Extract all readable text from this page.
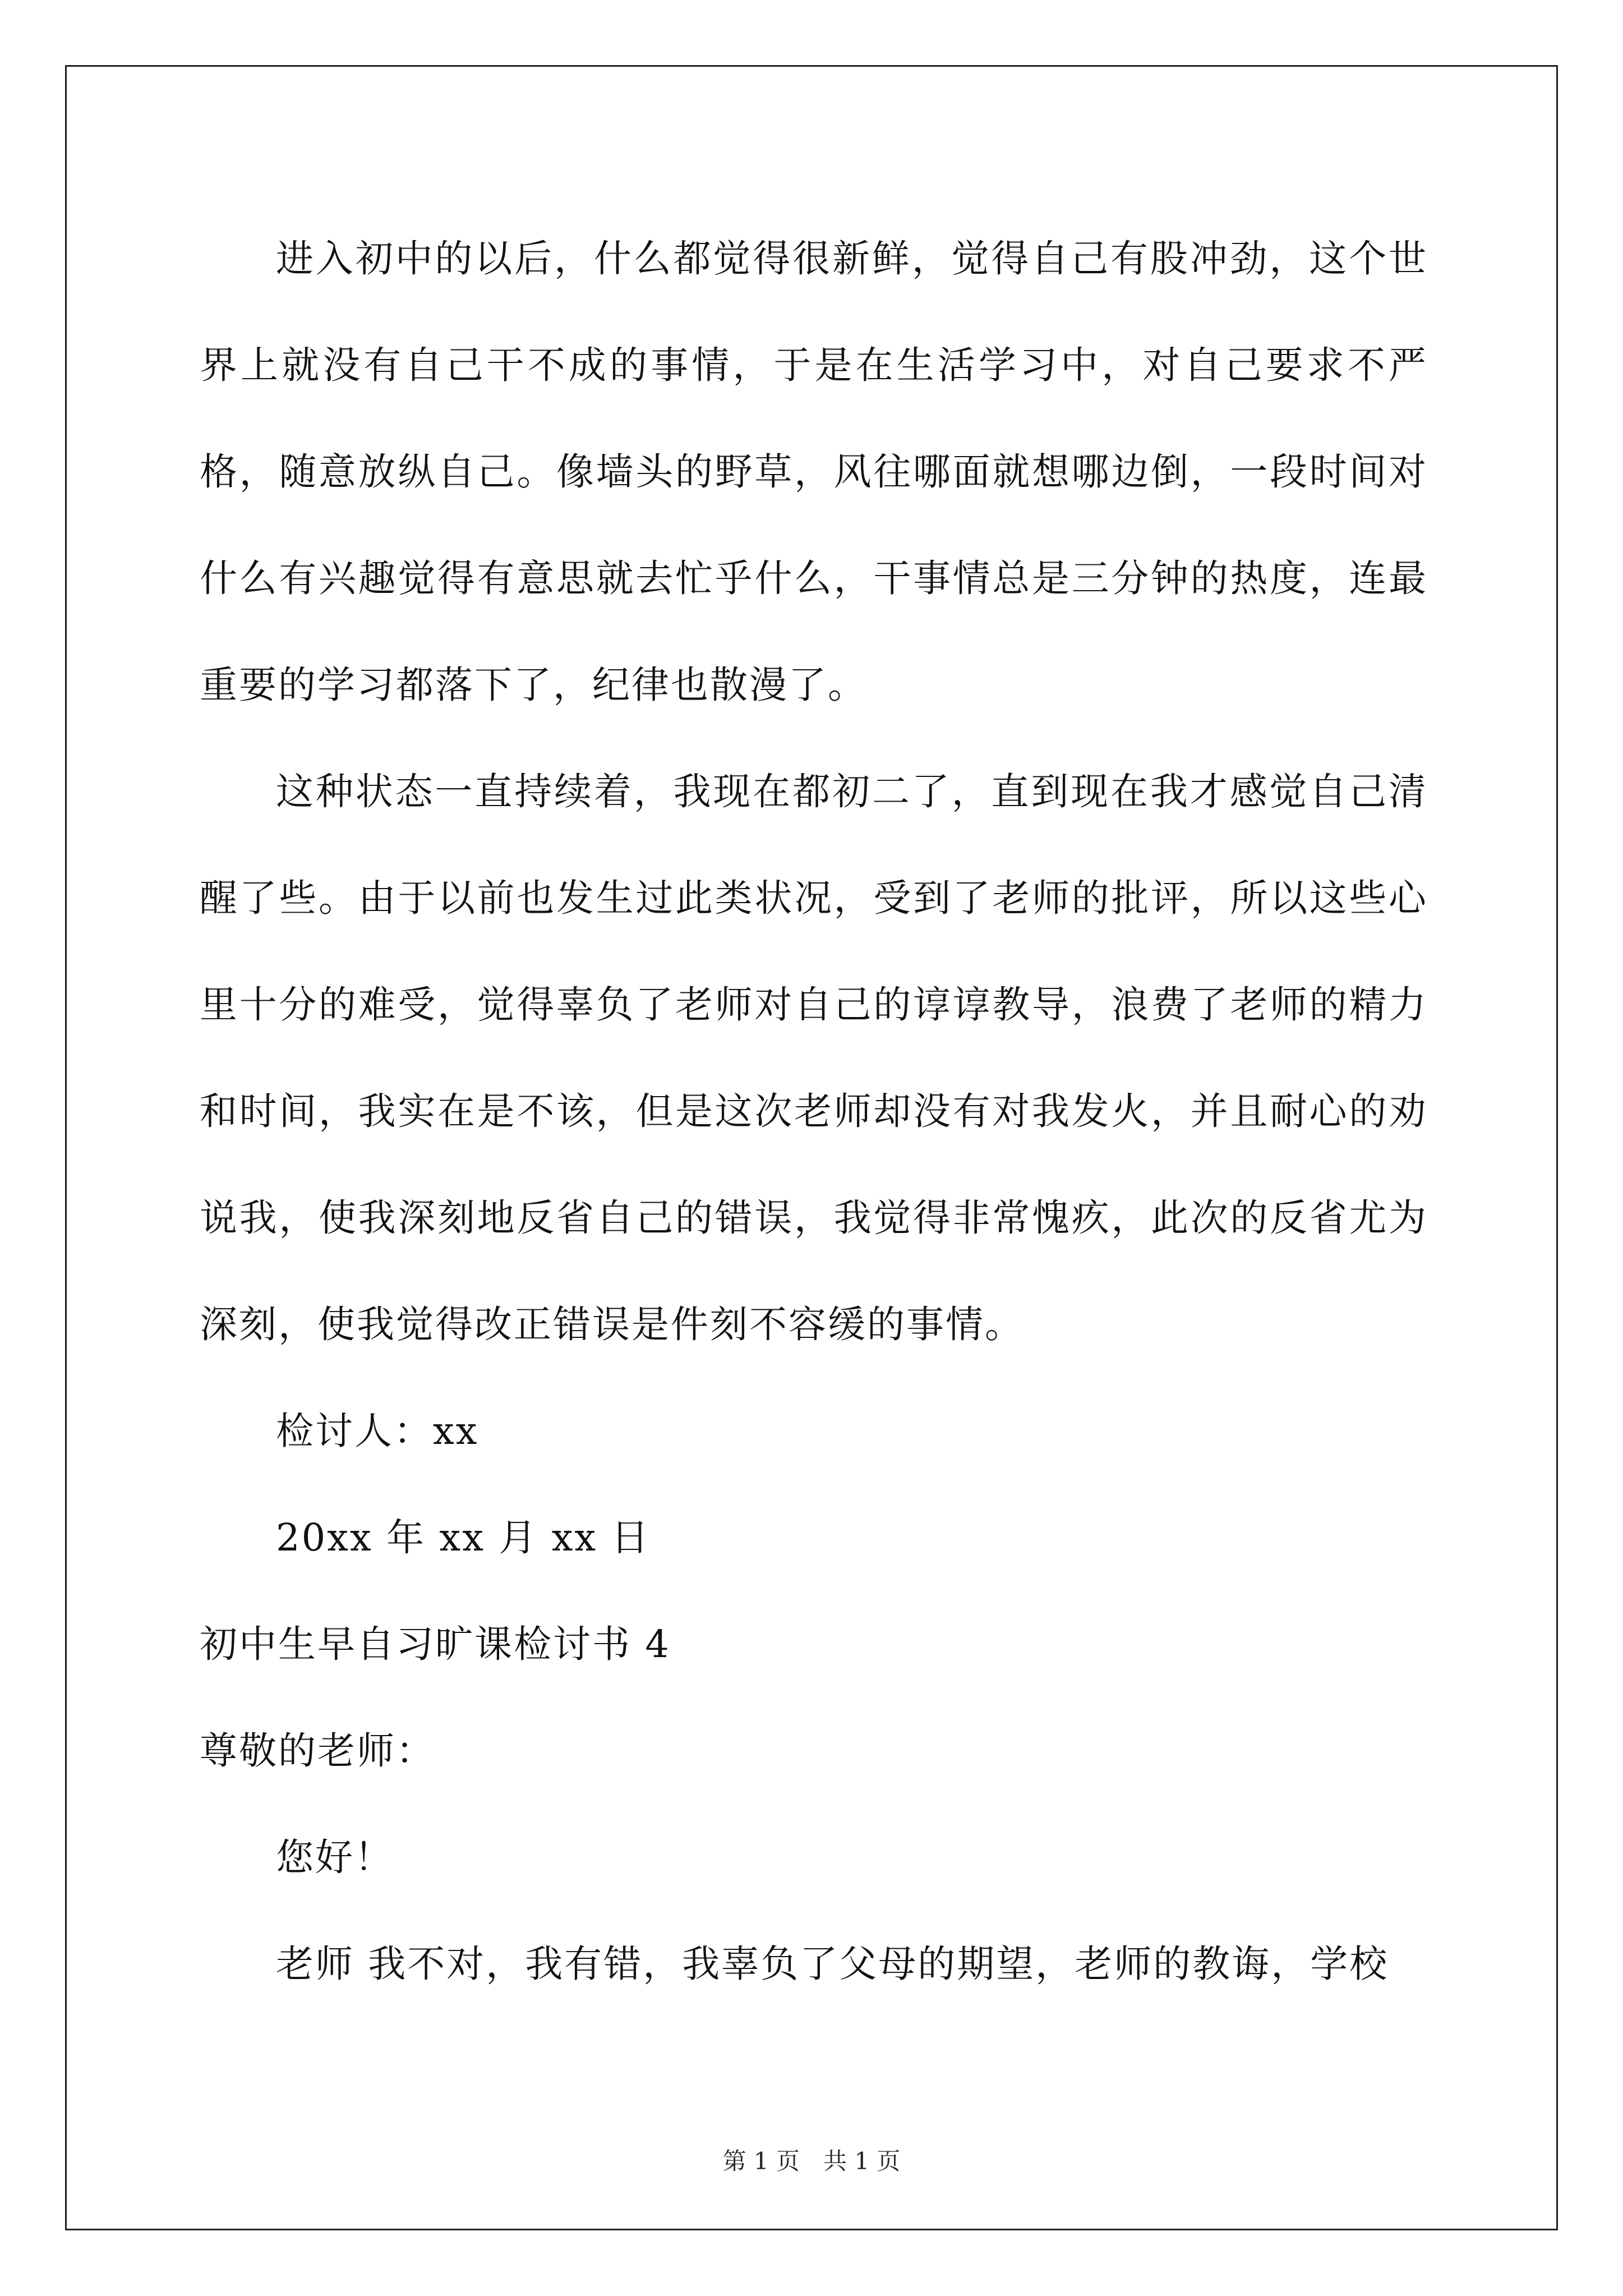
进入初中的以后，什么都觉得很新鲜，觉得自己有股冲劲，这个世界上就没有自己干不成的事情，于是在生活学习中，对自己要求不严格，随意放纵自己。像墙头的野草，风往哪面就想哪边倒，一段时间对什么有兴趣觉得有意思就去忙乎什么，干事情总是三分钟的热度，连最重要的学习都落下了，纪律也散漫了。

这种状态一直持续着，我现在都初二了，直到现在我才感觉自己清醒了些。由于以前也发生过此类状况，受到了老师的批评，所以这些心里十分的难受，觉得辜负了老师对自己的谆谆教导，浪费了老师的精力和时间，我实在是不该，但是这次老师却没有对我发火，并且耐心的劝说我，使我深刻地反省自己的错误，我觉得非常愧疚，此次的反省尤为深刻，使我觉得改正错误是件刻不容缓的事情。

检讨人：xx

20xx 年 xx 月 xx 日

初中生早自习旷课检讨书 4

尊敬的老师：

您好！

老师 我不对，我有错，我辜负了父母的期望，老师的教诲，学校

第 1 页　共 1 页
